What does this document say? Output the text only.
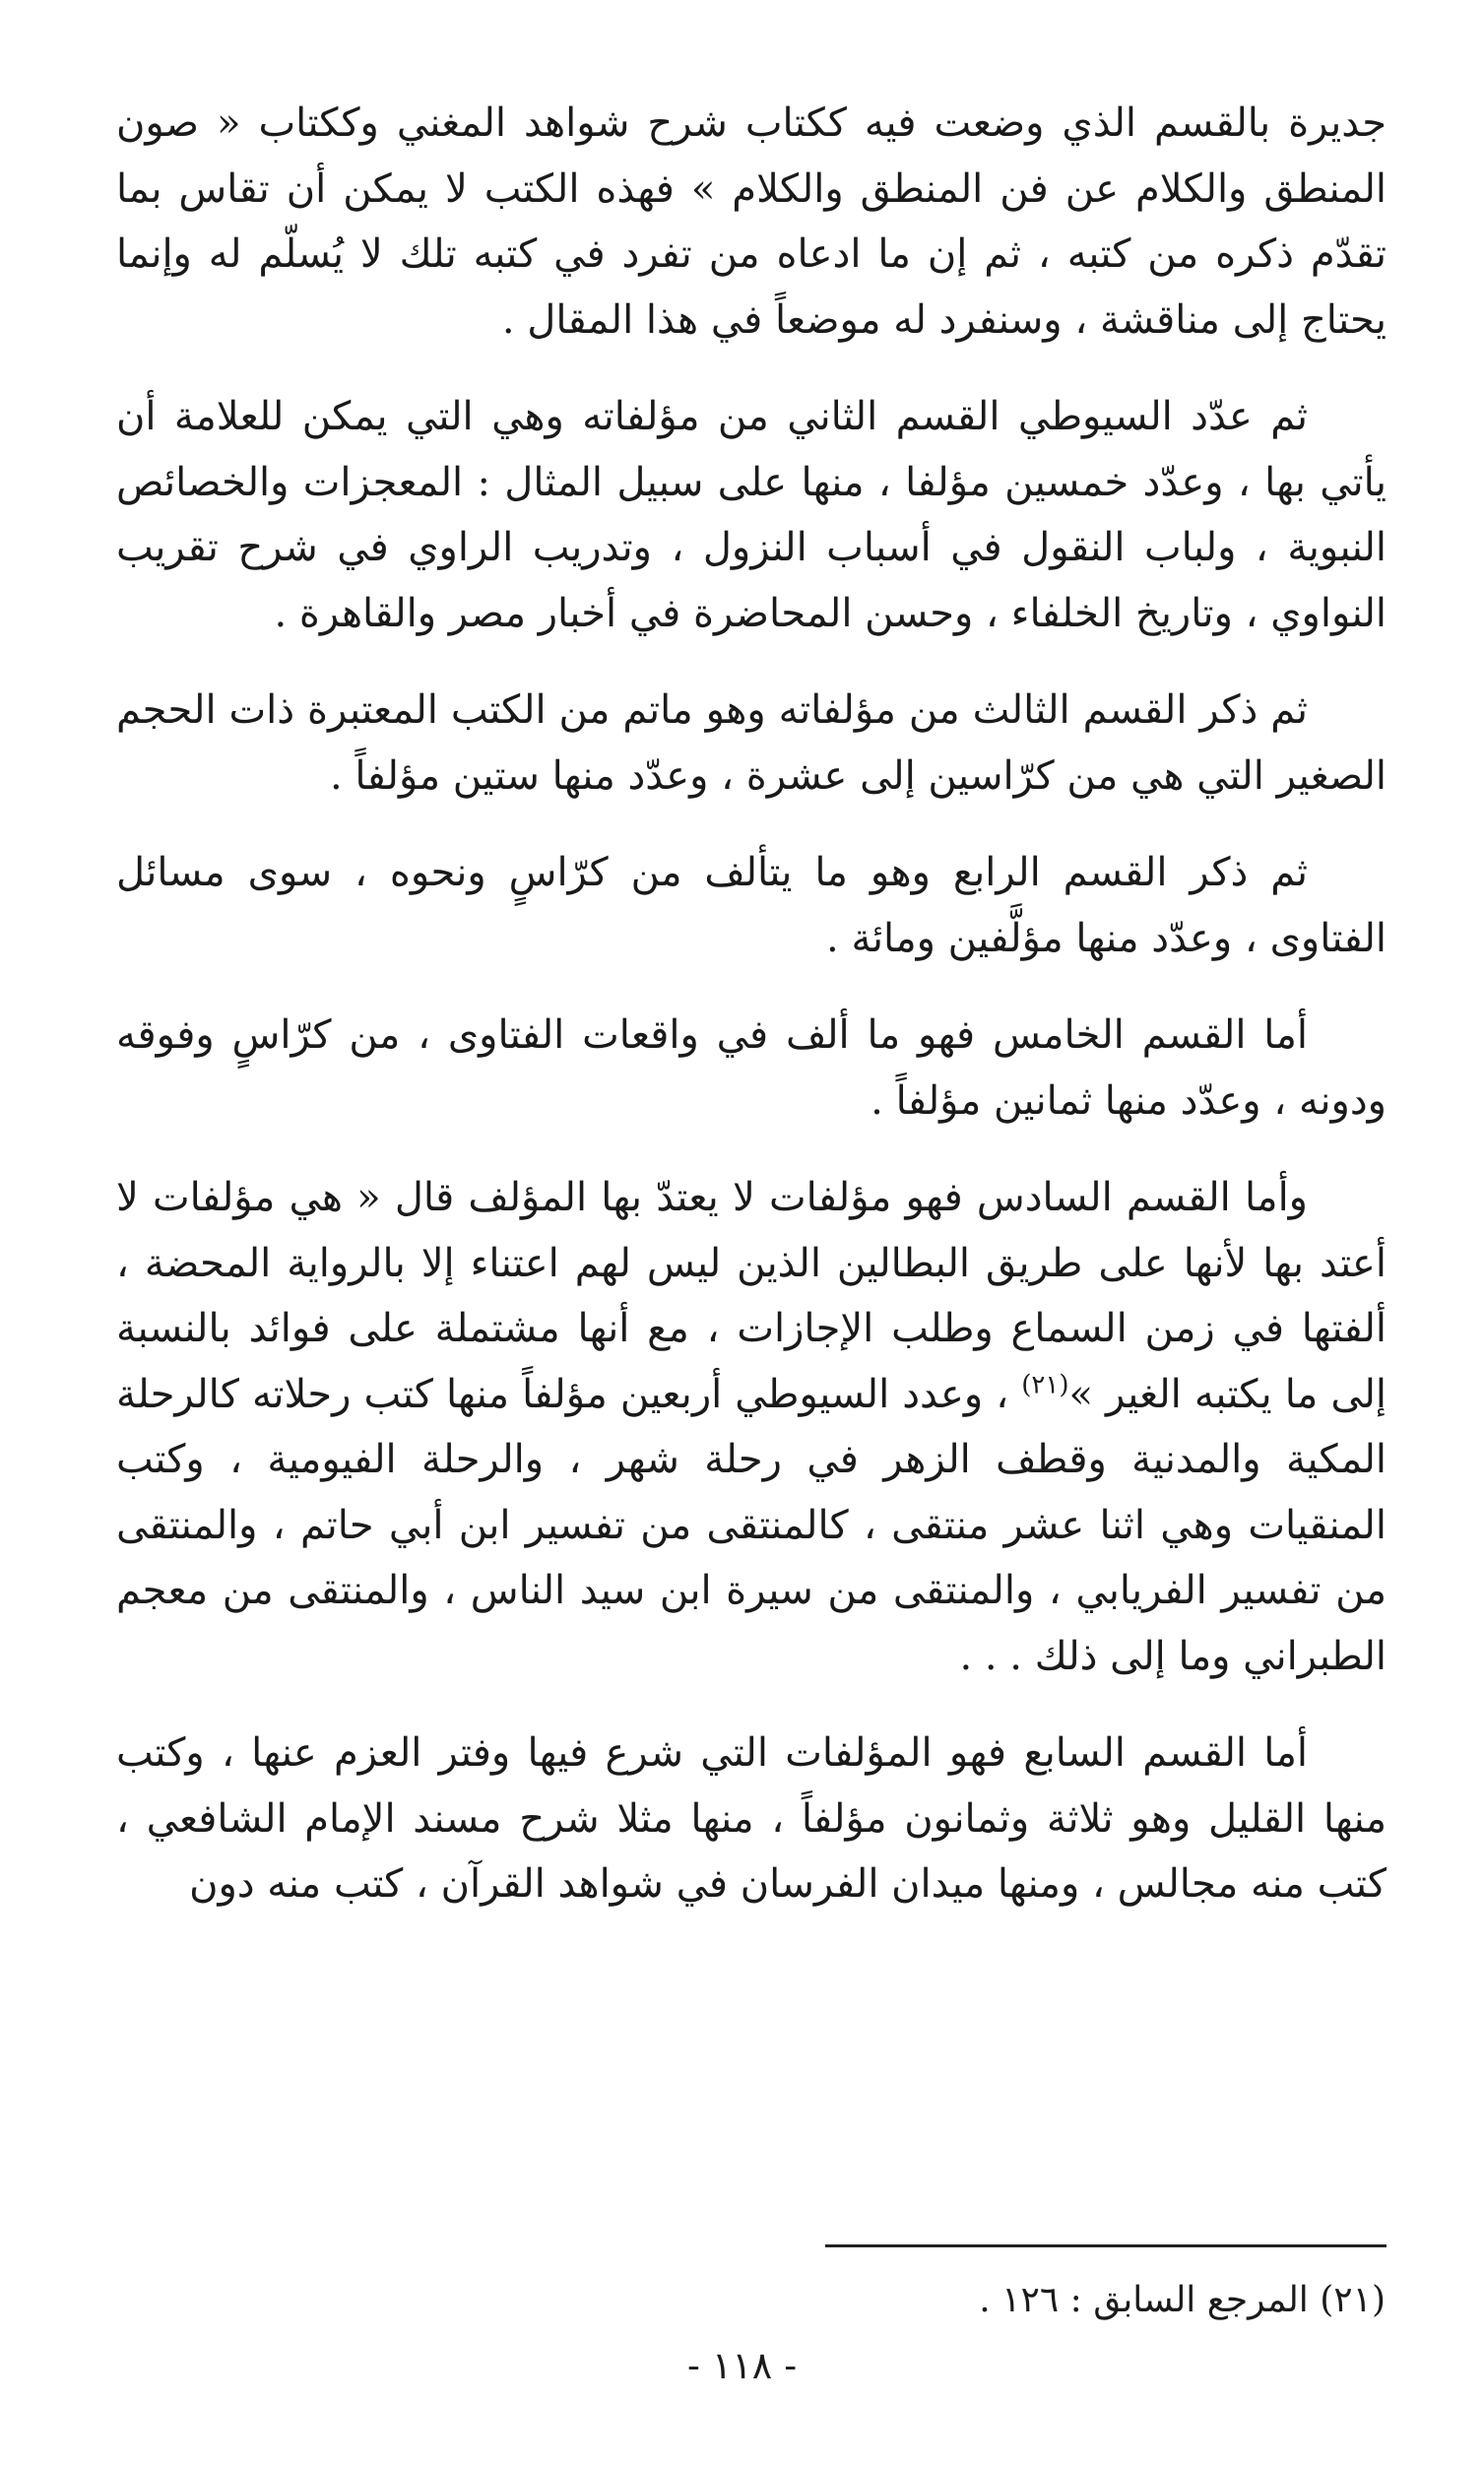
جديرة بالقسم الذي وضعت فيه ككتاب شرح شواهد المغني وككتاب « صون المنطق والكلام عن فن المنطق والكلام » فهذه الكتب لا يمكن أن تقاس بما تقدّم ذكره من كتبه ، ثم إن ما ادعاه من تفرد في كتبه تلك لا يُسلّم له وإنما يحتاج إلى مناقشة ، وسنفرد له موضعاً في هذا المقال .

ثم عدّد السيوطي القسم الثاني من مؤلفاته وهي التي يمكن للعلامة أن يأتي بها ، وعدّد خمسين مؤلفا ، منها على سبيل المثال : المعجزات والخصائص النبوية ، ولباب النقول في أسباب النزول ، وتدريب الراوي في شرح تقريب النواوي ، وتاريخ الخلفاء ، وحسن المحاضرة في أخبار مصر والقاهرة .

ثم ذكر القسم الثالث من مؤلفاته وهو ماتم من الكتب المعتبرة ذات الحجم الصغير التي هي من كرّاسين إلى عشرة ، وعدّد منها ستين مؤلفاً .

ثم ذكر القسم الرابع وهو ما يتألف من كرّاسٍ ونحوه ، سوى مسائل الفتاوى ، وعدّد منها مؤلَّفين ومائة .

أما القسم الخامس فهو ما ألف في واقعات الفتاوى ، من كرّاسٍ وفوقه ودونه ، وعدّد منها ثمانين مؤلفاً .

وأما القسم السادس فهو مؤلفات لا يعتدّ بها المؤلف قال « هي مؤلفات لا أعتد بها لأنها على طريق البطالين الذين ليس لهم اعتناء إلا بالرواية المحضة ، ألفتها في زمن السماع وطلب الإجازات ، مع أنها مشتملة على فوائد بالنسبة إلى ما يكتبه الغير »$^{(٢١)}$ ، وعدد السيوطي أربعين مؤلفاً منها كتب رحلاته كالرحلة المكية والمدنية وقطف الزهر في رحلة شهر ، والرحلة الفيومية ، وكتب المنقيات وهي اثنا عشر منتقى ، كالمنتقى من تفسير ابن أبي حاتم ، والمنتقى من تفسير الفريابي ، والمنتقى من سيرة ابن سيد الناس ، والمنتقى من معجم الطبراني وما إلى ذلك . . .

أما القسم السابع فهو المؤلفات التي شرع فيها وفتر العزم عنها ، وكتب منها القليل وهو ثلاثة وثمانون مؤلفاً ، منها مثلا شرح مسند الإمام الشافعي ، كتب منه مجالس ، ومنها ميدان الفرسان في شواهد القرآن ، كتب منه دون

(٢١) المرجع السابق : ١٢٦ .
- ١١٨ -
